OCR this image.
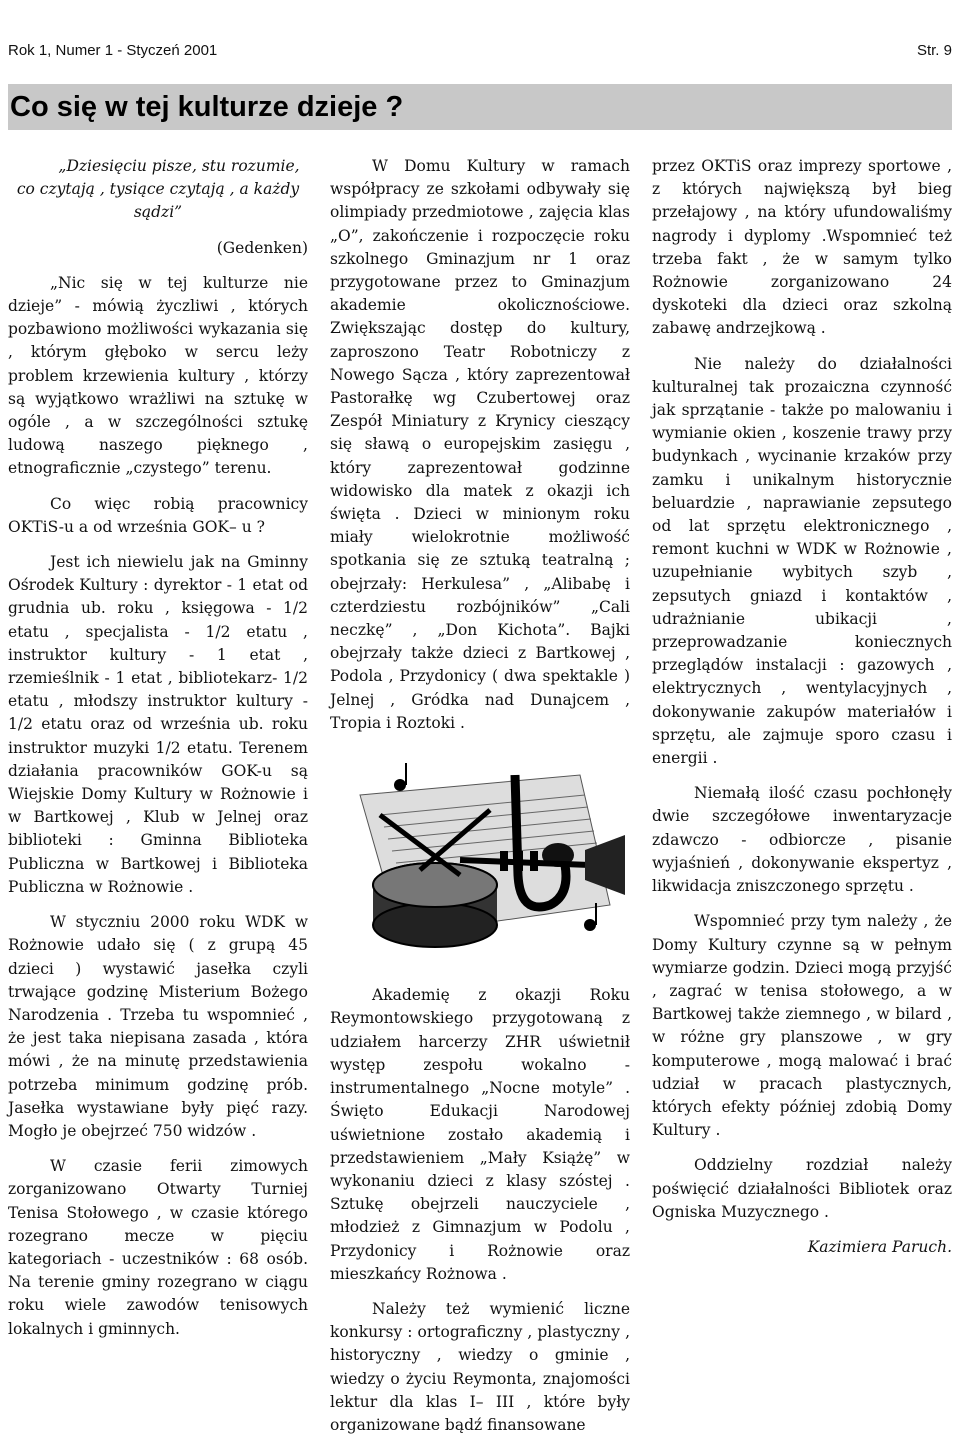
Rok 1, Numer 1 - Styczeń 2001	Str. 9
Co się w tej kulturze dzieje ?

„Dziesięciu pisze, stu rozumie, co czytają , tysiące czytają , a każdy sądzi”

(Gedenken)

„Nic się w tej kulturze nie dzieje” - mówią życzliwi , których pozbawiono możliwości wykazania się , którym głęboko w sercu leży problem krzewienia kultury , którzy są wyjątkowo wrażliwi na sztukę w ogóle , a w szczególności sztukę ludową naszego pięknego , etnograficznie „czystego” terenu.

Co więc robią pracownicy OKTiS-u a od września GOK– u ?

Jest ich niewielu jak na Gminny Ośrodek Kultury : dyrektor - 1 etat od grudnia ub. roku , księgowa - 1/2 etatu , specjalista - 1/2 etatu , instruktor kultury - 1 etat , rzemieślnik - 1 etat , bibliotekarz- 1/2 etatu , młodszy instruktor kultury - 1/2 etatu oraz od września ub. roku instruktor muzyki 1/2 etatu. Terenem działania pracowników GOK-u są Wiejskie Domy Kultury w Rożnowie i w Bartkowej , Klub w Jelnej oraz biblioteki : Gminna Biblioteka Publiczna w Bartkowej i Biblioteka Publiczna w Rożnowie .

W styczniu 2000 roku WDK w Rożnowie udało się ( z grupą 45 dzieci ) wystawić jasełka czyli trwające godzinę Misterium Bożego Narodzenia . Trzeba tu wspomnieć , że jest taka niepisana zasada , która mówi , że na minutę przedstawienia potrzeba minimum godzinę prób. Jasełka wystawiane były pięć razy. Mogło je obejrzeć 750 widzów .

W czasie ferii zimowych zorganizowano Otwarty Turniej Tenisa Stołowego , w czasie którego rozegrano mecze w pięciu kategoriach - uczestników : 68 osób. Na terenie gminy rozegrano w ciągu roku wiele zawodów tenisowych lokalnych i gminnych.

W Domu Kultury w ramach współpracy ze szkołami odbywały się olimpiady przedmiotowe , zajęcia klas „O”, zakończenie i rozpoczęcie roku szkolnego Gminazjum nr 1 oraz przygotowane przez to Gminazjum akademie okolicznościowe. Zwiększając dostęp do kultury, zaproszono Teatr Robotniczy z Nowego Sącza , który zaprezentował Pastorałkę wg Czubertowej oraz Zespół Miniatury z Krynicy cieszący się sławą o europejskim zasięgu , który zaprezentował godzinne widowisko dla matek z okazji ich święta . Dzieci w minionym roku miały wielokrotnie możliwość spotkania się ze sztuką teatralną ; obejrzały: Herkulesa” , „Alibabę i czterdziestu rozbójników” „Cali neczkę” , „Don Kichota”. Bajki obejrzały także dzieci z Bartkowej , Podola , Przydonicy ( dwa spektakle ) Jelnej , Gródka nad Dunajcem , Tropia i Roztoki .

Akademię z okazji Roku Reymontowskiego przygotowaną z udziałem harcerzy ZHR uświetnił występ zespołu wokalno - instrumentalnego „Nocne motyle” . Święto Edukacji Narodowej uświetnione zostało akademią i przedstawieniem „Mały Książę” w wykonaniu dzieci z klasy szóstej . Sztukę obejrzeli nauczyciele , młodzież z Gimnazjum w Podolu , Przydonicy i Rożnowie oraz mieszkańcy Rożnowa .

Należy też wymienić liczne konkursy : ortograficzny , plastyczny , historyczny , wiedzy o gminie , wiedzy o życiu Reymonta, znajomości lektur dla klas I– III , które były organizowane bądź finansowane

przez OKTiS oraz imprezy sportowe , z których największą był bieg przełajowy , na który ufundowaliśmy nagrody i dyplomy .Wspomnieć też trzeba fakt , że w samym tylko Rożnowie zorganizowano 24 dyskoteki dla dzieci oraz szkolną zabawę andrzejkową .

Nie należy do działalności kulturalnej tak prozaiczna czynność jak sprzątanie - także po malowaniu i wymianie okien , koszenie trawy przy budynkach , wycinanie krzaków przy zamku i unikalnym historycznie beluardzie , naprawianie zepsutego od lat sprzętu elektronicznego , remont kuchni w WDK w Rożnowie , uzupełnianie wybitych szyb , zepsutych gniazd i kontaktów , udrażnianie ubikacji , przeprowadzanie koniecznych przeglądów instalacji : gazowych , elektrycznych , wentylacyjnych , dokonywanie zakupów materiałów i sprzętu, ale zajmuje sporo czasu i energii .

Niemałą ilość czasu pochłonęły dwie szczegółowe inwentaryzacje zdawczo - odbiorcze , pisanie wyjaśnień , dokonywanie ekspertyz , likwidacja zniszczonego sprzętu .

Wspomnieć przy tym należy , że Domy Kultury czynne są w pełnym wymiarze godzin. Dzieci mogą przyjść , zagrać w tenisa stołowego, a w Bartkowej także ziemnego , w bilard , w różne gry planszowe , w gry komputerowe , mogą malować i brać udział w pracach plastycznych, których efekty później zdobią Domy Kultury .

Oddzielny rozdział należy poświęcić działalności Bibliotek oraz Ogniska Muzycznego .

Kazimiera Paruch.
